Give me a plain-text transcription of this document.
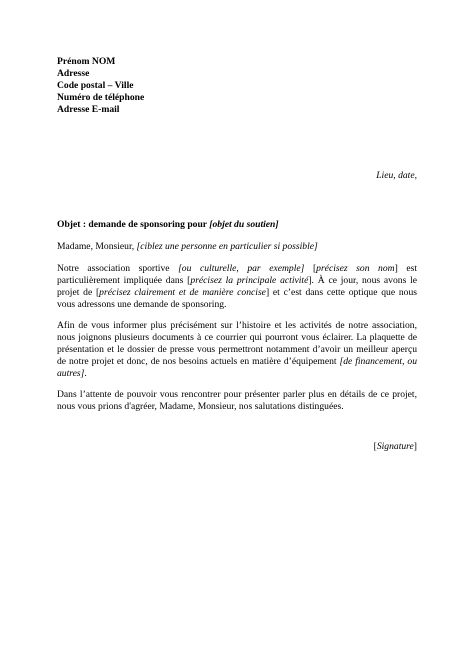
Prénom NOM
Adresse
Code postal – Ville
Numéro de téléphone
Adresse E-mail
Lieu, date,
Objet : demande de sponsoring pour [objet du soutien]
Madame, Monsieur, [ciblez une personne en particulier si possible]

Notre association sportive [ou culturelle, par exemple] [précisez son nom] est particulièrement impliquée dans [précisez la principale activité]. À ce jour, nous avons le projet de [précisez clairement et de manière concise] et c’est dans cette optique que nous vous adressons une demande de sponsoring.

Afin de vous informer plus précisément sur l’histoire et les activités de notre association, nous joignons plusieurs documents à ce courrier qui pourront vous éclairer. La plaquette de présentation et le dossier de presse vous permettront notamment d’avoir un meilleur aperçu de notre projet et donc, de nos besoins actuels en matière d’équipement [de financement, ou autres].

Dans l’attente de pouvoir vous rencontrer pour présenter parler plus en détails de ce projet, nous vous prions d'agréer, Madame, Monsieur, nos salutations distinguées.

[Signature]
